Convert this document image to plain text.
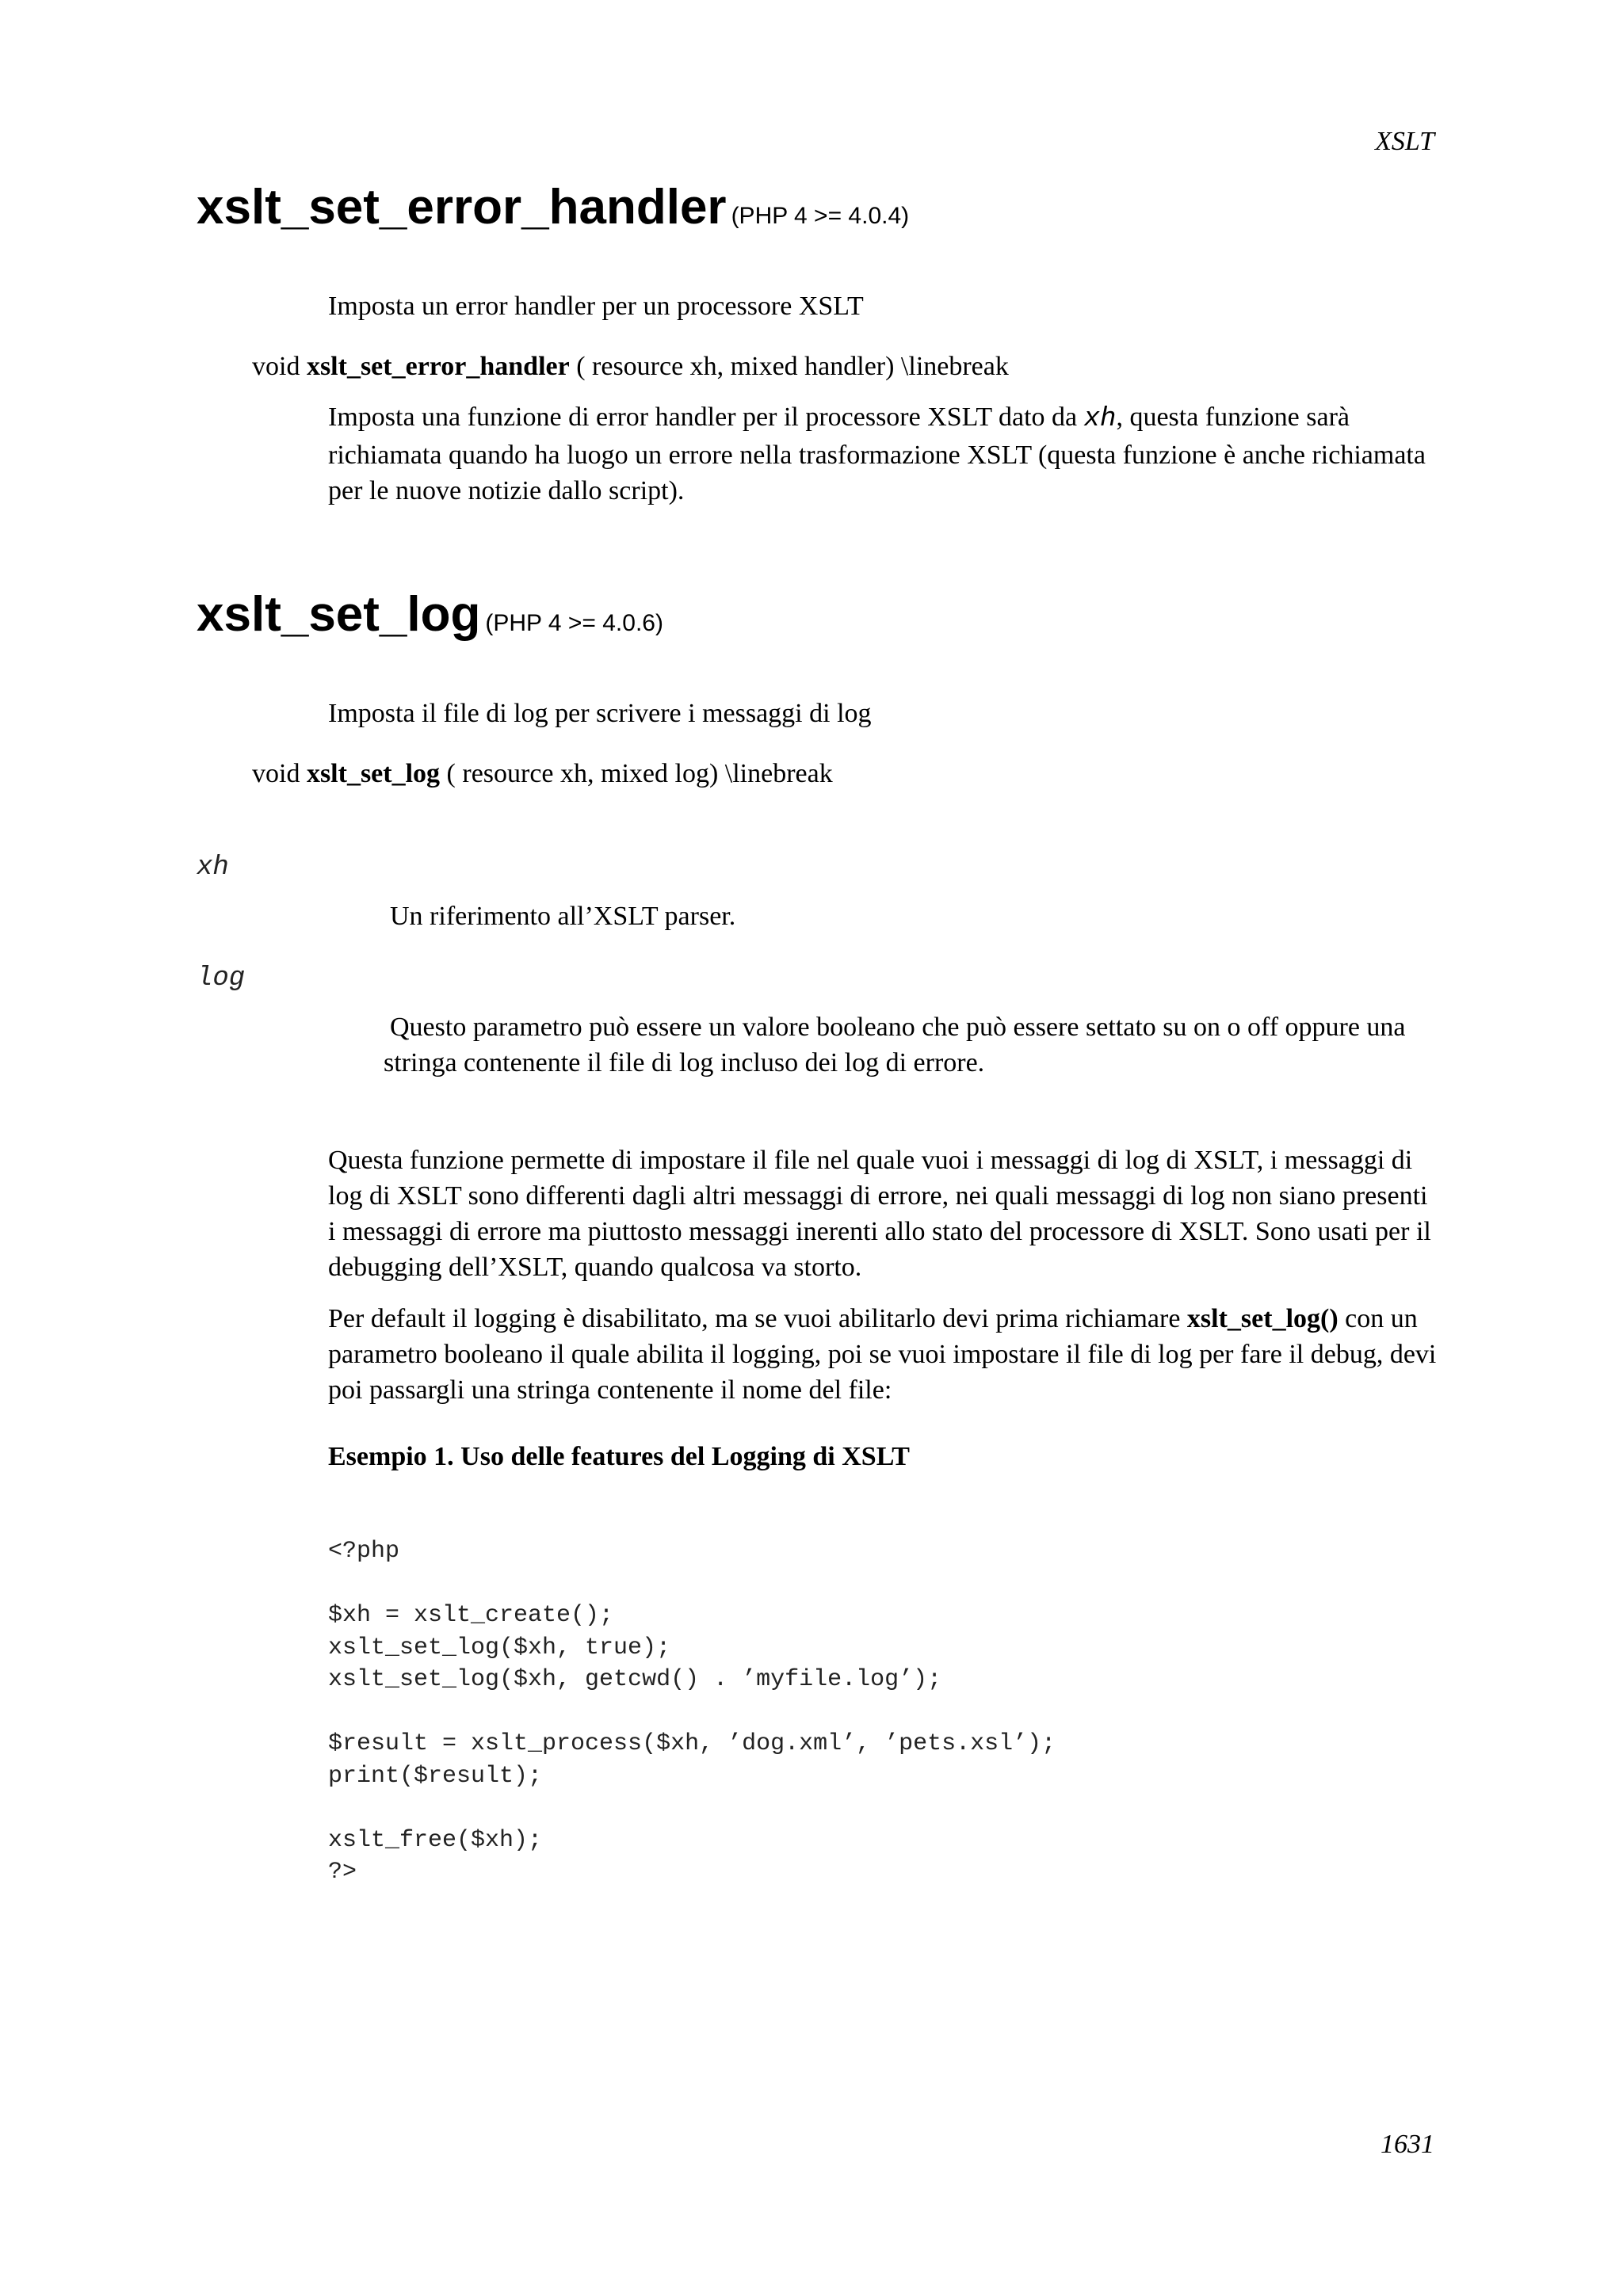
XSLT
1631
xslt_set_error_handler (PHP 4 >= 4.0.4)
Imposta un error handler per un processore XSLT
void xslt_set_error_handler ( resource xh, mixed handler) \linebreak
Imposta una funzione di error handler per il processore XSLT dato da xh, questa funzione sarà richiamata quando ha luogo un errore nella trasformazione XSLT (questa funzione è anche richiamata per le nuove notizie dallo script).
xslt_set_log (PHP 4 >= 4.0.6)
Imposta il file di log per scrivere i messaggi di log
void xslt_set_log ( resource xh, mixed log) \linebreak
xh
Un riferimento all’XSLT parser.
log
Questo parametro può essere un valore booleano che può essere settato su on o off oppure una stringa contenente il file di log incluso dei log di errore.
Questa funzione permette di impostare il file nel quale vuoi i messaggi di log di XSLT, i messaggi di log di XSLT sono differenti dagli altri messaggi di errore, nei quali messaggi di log non siano presenti i messaggi di errore ma piuttosto messaggi inerenti allo stato del processore di XSLT. Sono usati per il debugging dell’XSLT, quando qualcosa va storto.
Per default il logging è disabilitato, ma se vuoi abilitarlo devi prima richiamare xslt_set_log() con un parametro booleano il quale abilita il logging, poi se vuoi impostare il file di log per fare il debug, devi poi passargli una stringa contenente il nome del file:
Esempio 1. Uso delle features del Logging di XSLT
<?php

$xh = xslt_create();
xslt_set_log($xh, true);
xslt_set_log($xh, getcwd() . ’myfile.log’);

$result = xslt_process($xh, ’dog.xml’, ’pets.xsl’);
print($result);

xslt_free($xh);
?>
